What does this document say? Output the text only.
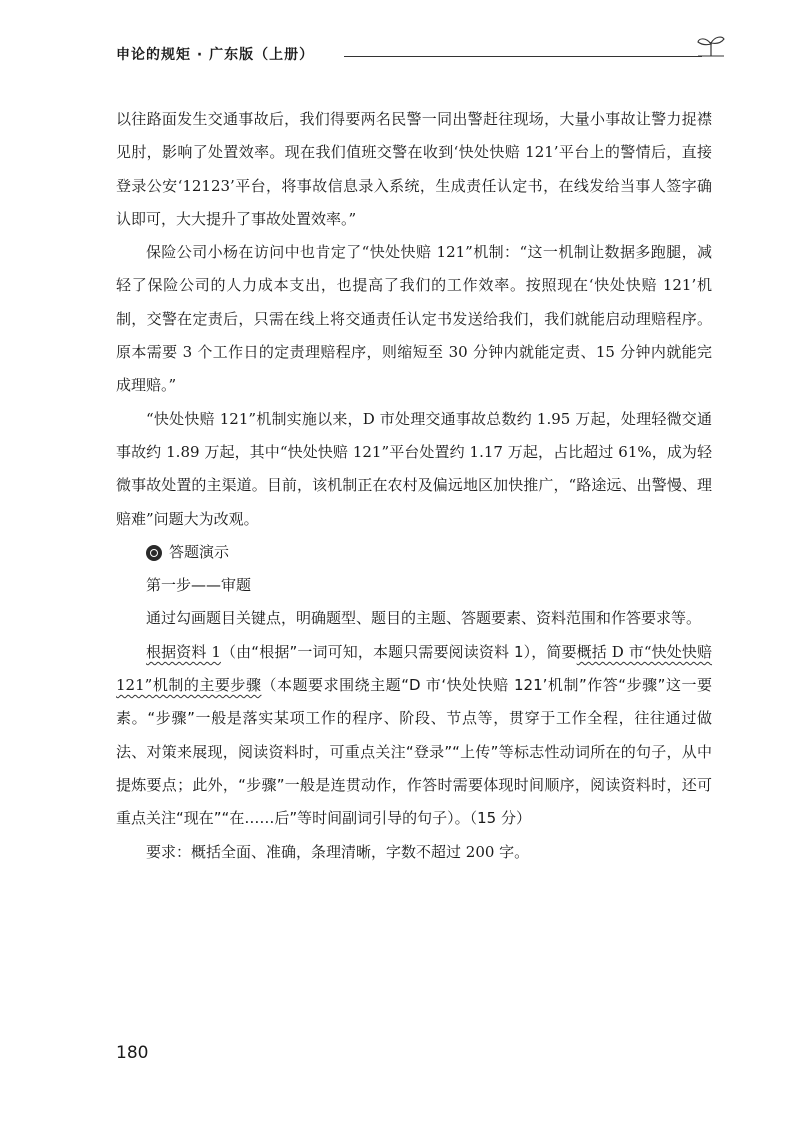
申论的规矩 · 广东版（上册）

以往路面发生交通事故后，我们得要两名民警一同出警赶往现场，大量小事故让警力捉襟见肘，影响了处置效率。现在我们值班交警在收到‘快处快赔 121’平台上的警情后，直接登录公安‘12123’平台，将事故信息录入系统，生成责任认定书，在线发给当事人签字确认即可，大大提升了事故处置效率。”

保险公司小杨在访问中也肯定了“快处快赔 121”机制：“这一机制让数据多跑腿，减轻了保险公司的人力成本支出，也提高了我们的工作效率。按照现在‘快处快赔 121’机制，交警在定责后，只需在线上将交通责任认定书发送给我们，我们就能启动理赔程序。原本需要 3 个工作日的定责理赔程序，则缩短至 30 分钟内就能定责、15 分钟内就能完成理赔。”

“快处快赔 121”机制实施以来，D 市处理交通事故总数约 1.95 万起，处理轻微交通事故约 1.89 万起，其中“快处快赔 121”平台处置约 1.17 万起，占比超过 61%，成为轻微事故处置的主渠道。目前，该机制正在农村及偏远地区加快推广，“路途远、出警慢、理赔难”问题大为改观。

答题演示

第一步——审题

通过勾画题目关键点，明确题型、题目的主题、答题要素、资料范围和作答要求等。

根据资料 1（由“根据”一词可知，本题只需要阅读资料 1），简要概括 D 市“快处快赔 121”机制的主要步骤（本题要求围绕主题“D 市‘快处快赔 121’机制”作答“步骤”这一要素。“步骤”一般是落实某项工作的程序、阶段、节点等，贯穿于工作全程，往往通过做法、对策来展现，阅读资料时，可重点关注“登录”“上传”等标志性动词所在的句子，从中提炼要点；此外，“步骤”一般是连贯动作，作答时需要体现时间顺序，阅读资料时，还可重点关注“现在”“在……后”等时间副词引导的句子）。（15 分）

要求：概括全面、准确，条理清晰，字数不超过 200 字。

180
